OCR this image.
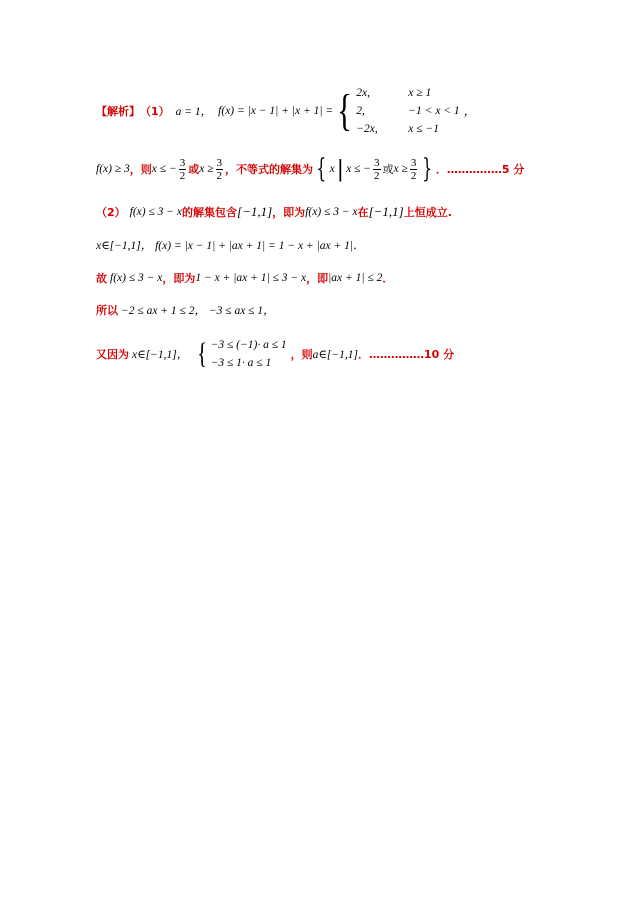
【解析】 （1） a = 1， f(x) = |x − 1| + |x + 1| = { 2x,	x ≥ 1
2,	−1 < x < 1
−2x,	x ≤ −1
，
f(x) ≥ 3 ，则 x ≤ − $\frac{3}{2}$ 或 $x \ge \frac{3}{2}$ ，不等式的解集为 { x | x ≤ − $\frac{3}{2}$ 或 $x \ge \frac{3}{2}$ } ．……………5 分
（2） f(x) ≤ 3 − x 的解集包含 [−1,1] ，即为 f(x) ≤ 3 − x 在 [−1,1] 上恒成立.
x∈[−1,1]， f(x) = |x − 1| + |ax + 1| = 1 − x + |ax + 1|．
故 f(x) ≤ 3 − x ，即为 1 − x + |ax + 1| ≤ 3 − x ，即 |ax + 1| ≤ 2 ．
所以 −2 ≤ ax + 1 ≤ 2， −3 ≤ ax ≤ 1，
又因为 x∈[−1,1]， { −3 ≤ (−1)· a ≤ 1
−3 ≤ 1· a ≤ 1
，则 a∈[−1,1] ．……………10 分
